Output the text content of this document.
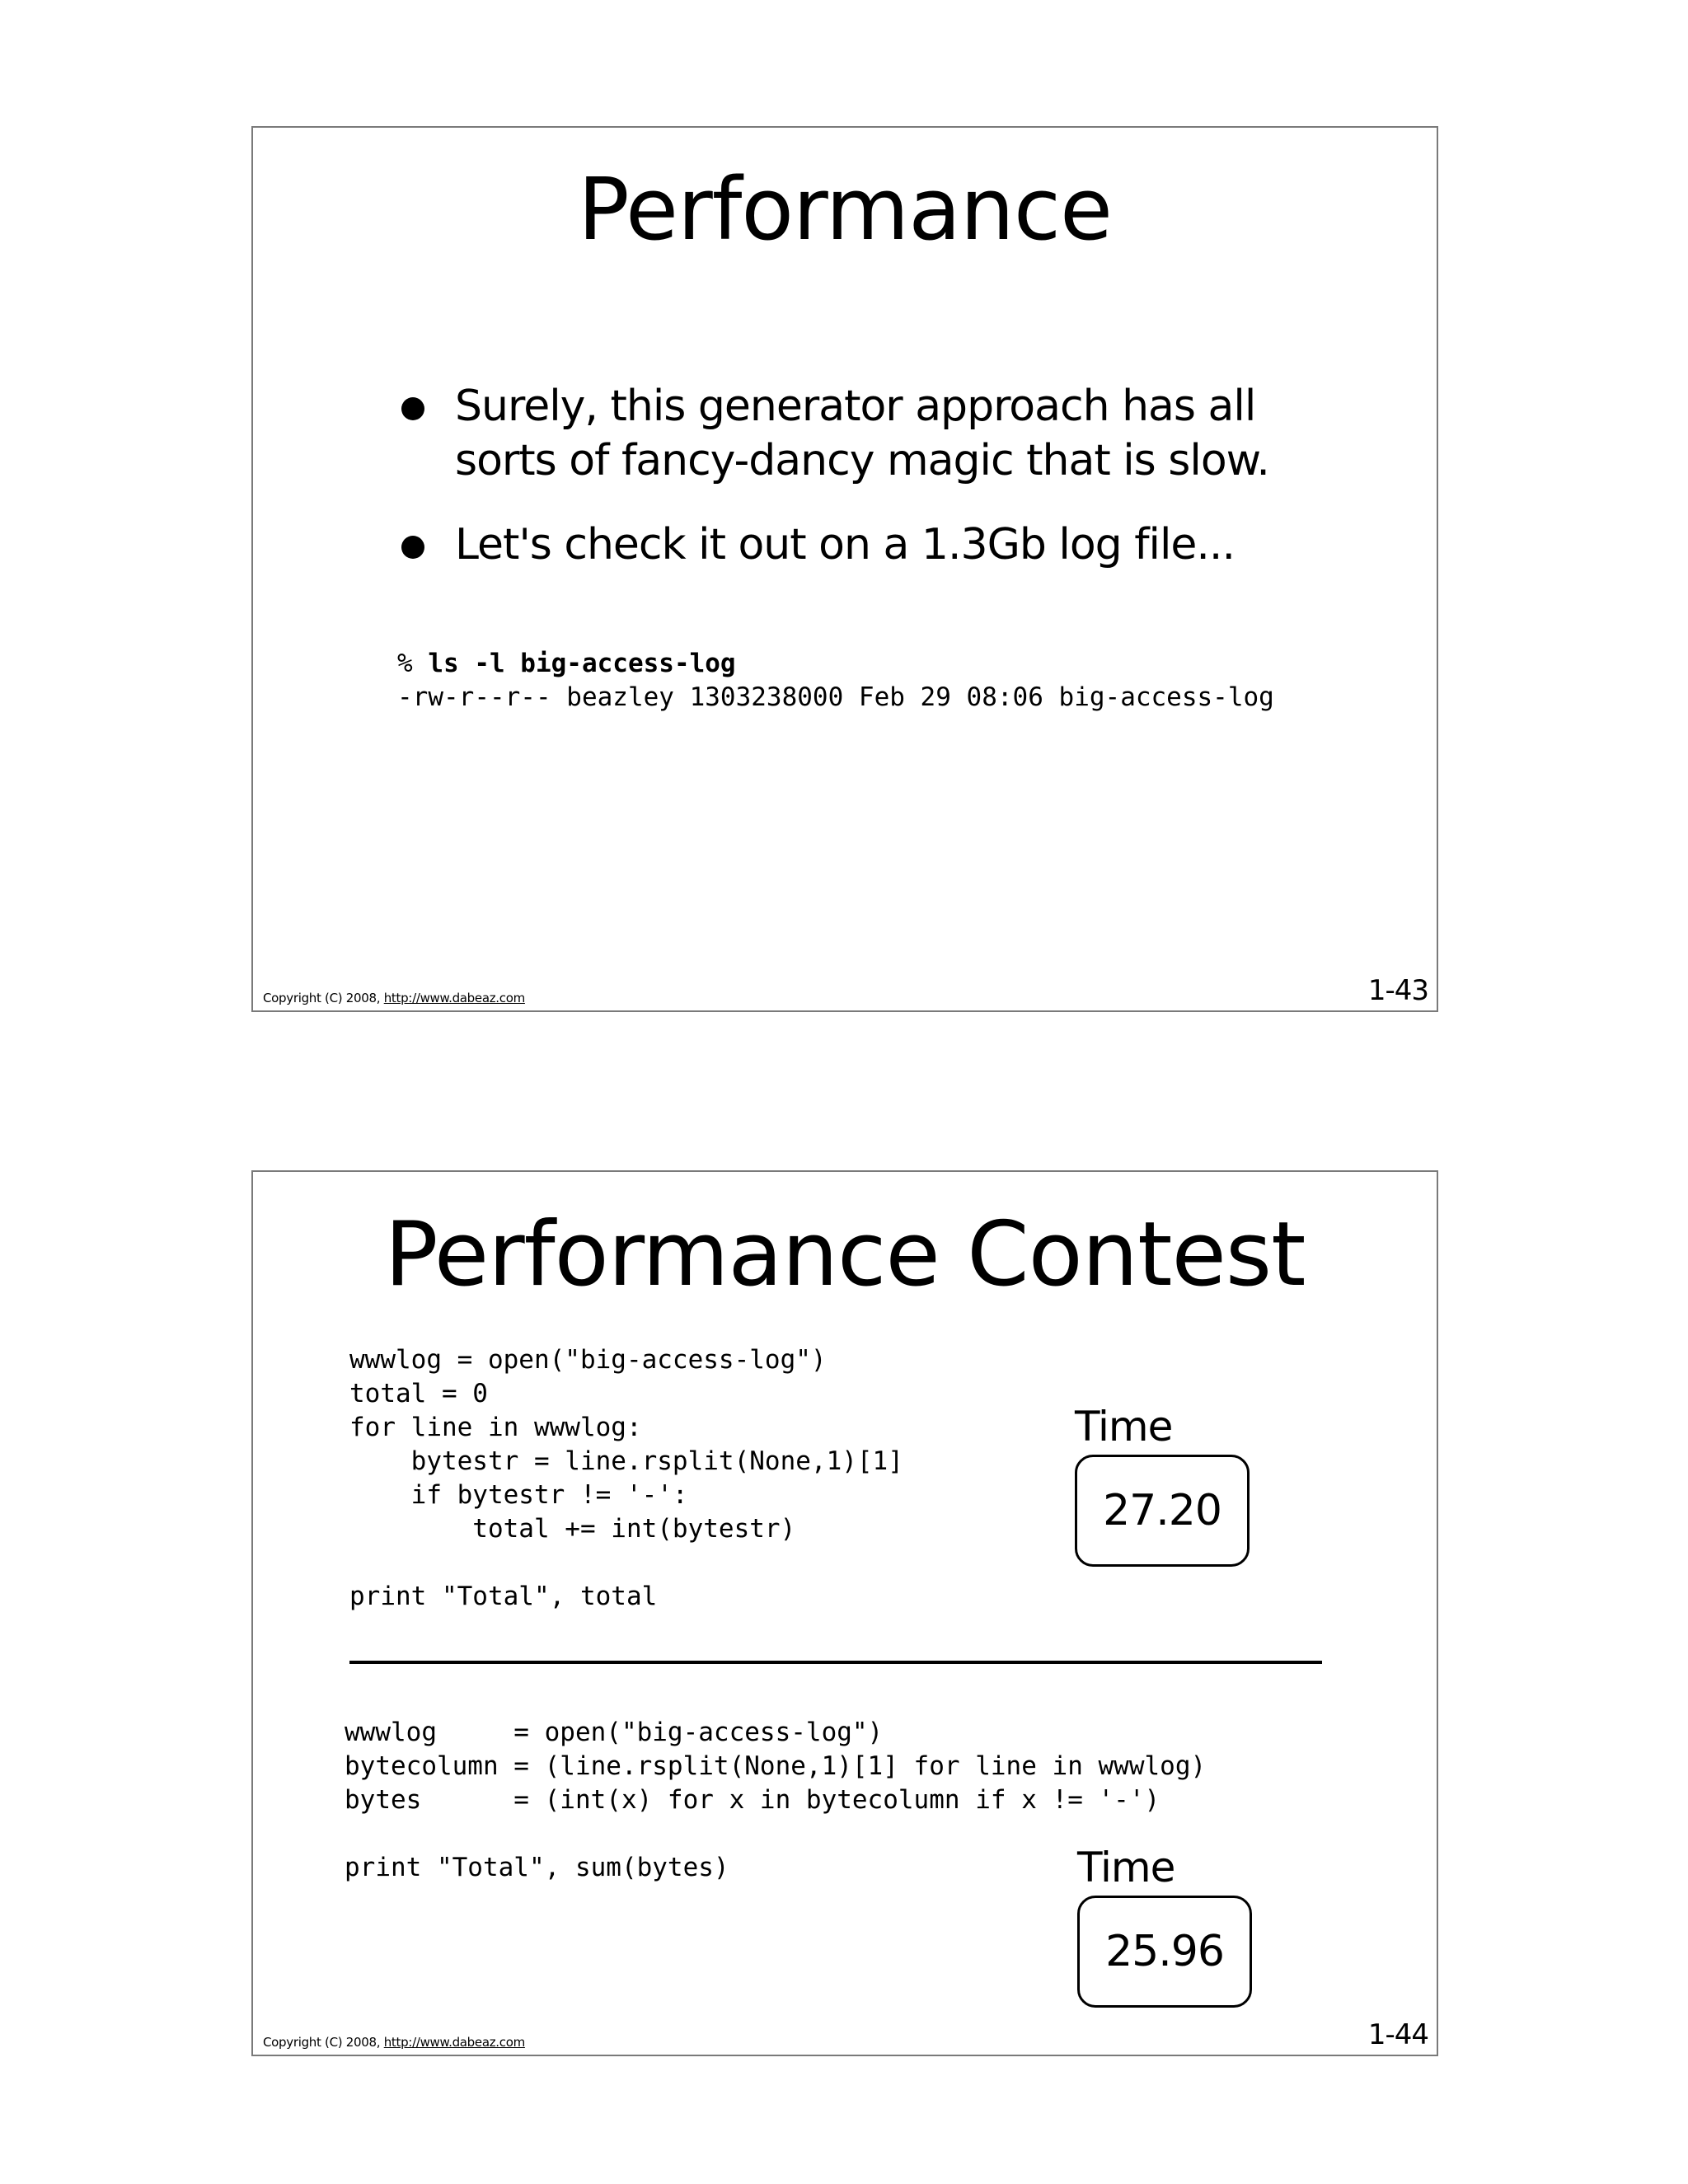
Performance
Surely, this generator approach has all sorts of fancy-dancy magic that is slow.
Let's check it out on a 1.3Gb log file...
% ls -l big-access-log
-rw-r--r-- beazley 1303238000 Feb 29 08:06 big-access-log
Copyright (C) 2008, http://www.dabeaz.com	1-43
Performance Contest
wwwlog = open("big-access-log")
total = 0
for line in wwwlog:
bytestr = line.rsplit(None,1)[1]
if bytestr != '-':
total += int(bytestr)

print "Total", total
Time
27.20
wwwlog     = open("big-access-log")
bytecolumn = (line.rsplit(None,1)[1] for line in wwwlog)
bytes      = (int(x) for x in bytecolumn if x != '-')

print "Total", sum(bytes)	Time
25.96
Copyright (C) 2008, http://www.dabeaz.com	1-44
